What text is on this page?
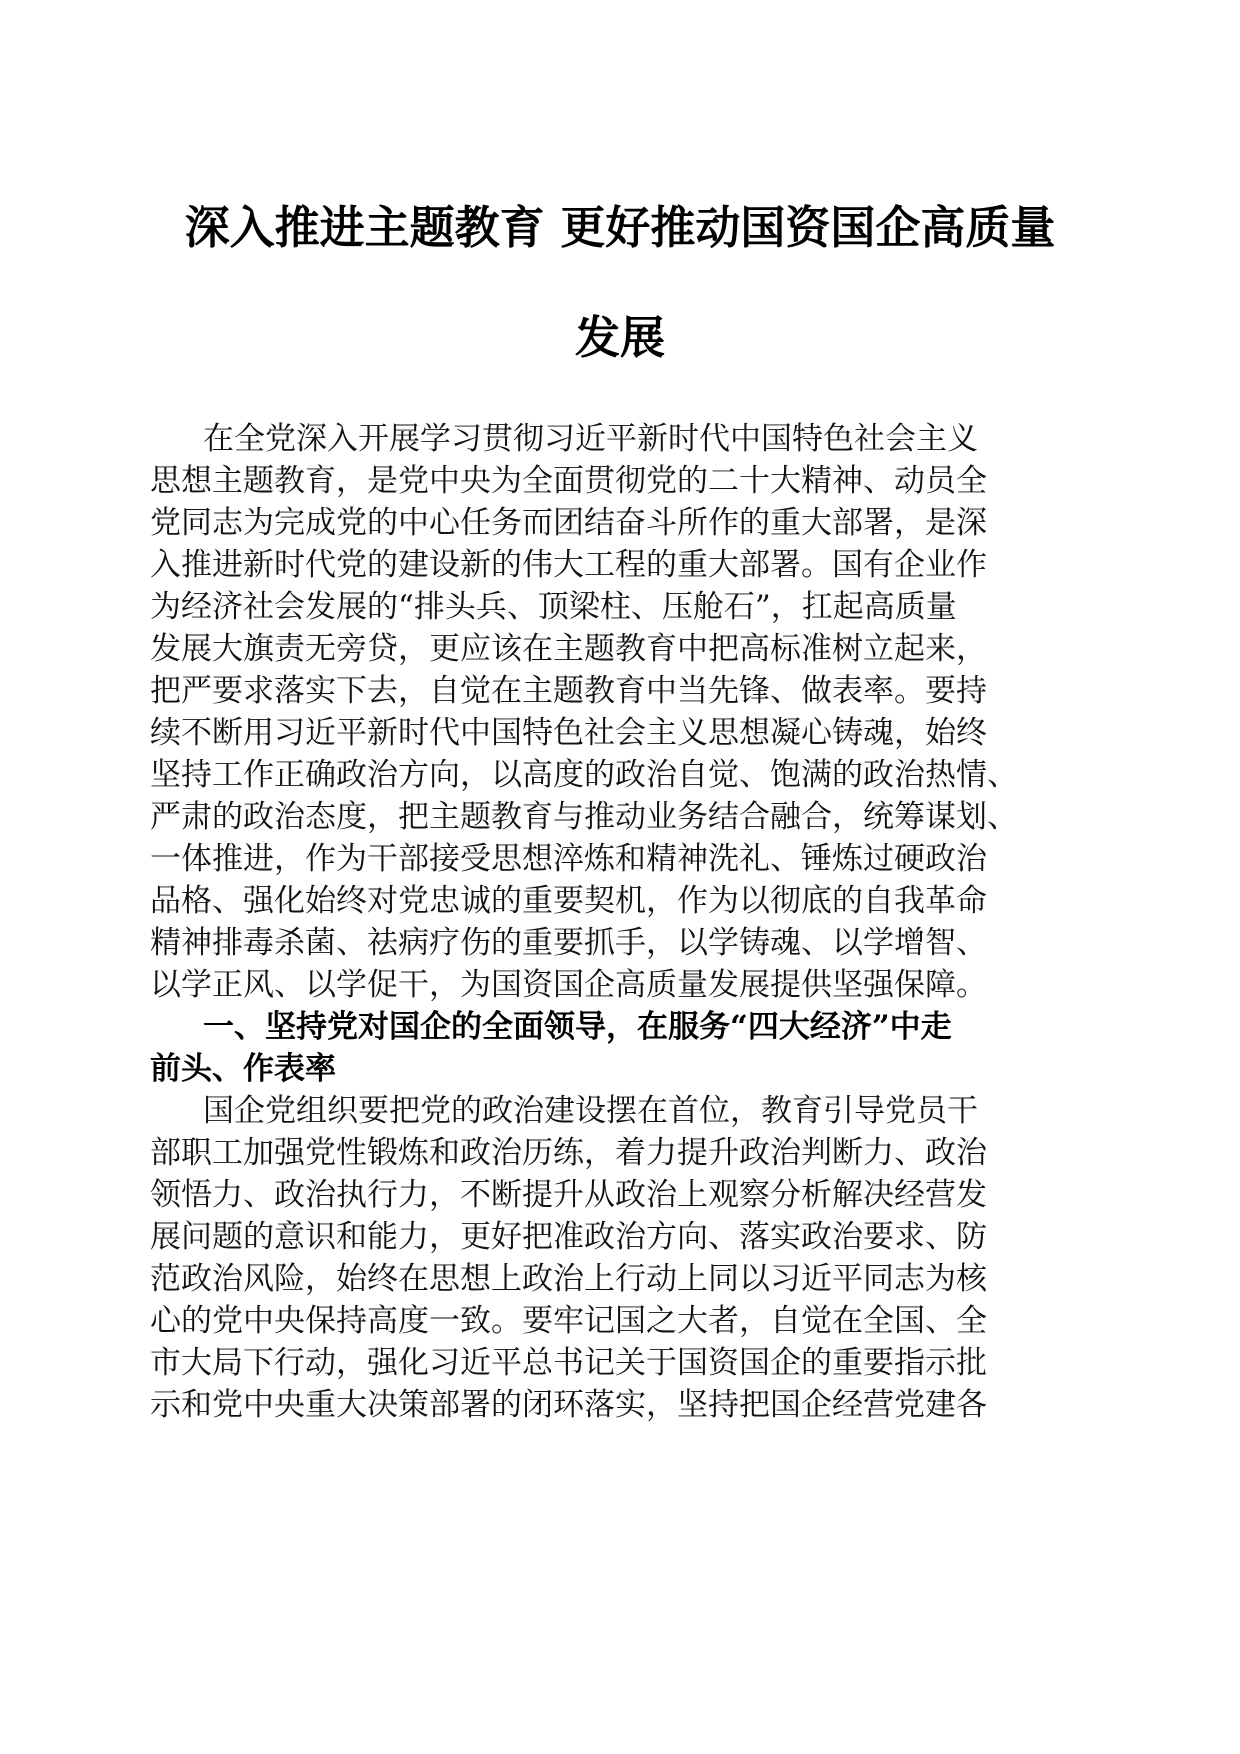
深入推进主题教育 更好推动国资国企高质量
发展

在全党深入开展学习贯彻习近平新时代中国特色社会主义

思想主题教育，是党中央为全面贯彻党的二十大精神、动员全

党同志为完成党的中心任务而团结奋斗所作的重大部署，是深

入推进新时代党的建设新的伟大工程的重大部署。国有企业作

为经济社会发展的“排头兵、顶梁柱、压舱石”，扛起高质量

发展大旗责无旁贷，更应该在主题教育中把高标准树立起来，

把严要求落实下去，自觉在主题教育中当先锋、做表率。要持

续不断用习近平新时代中国特色社会主义思想凝心铸魂，始终

坚持工作正确政治方向，以高度的政治自觉、饱满的政治热情、

严肃的政治态度，把主题教育与推动业务结合融合，统筹谋划、

一体推进，作为干部接受思想淬炼和精神洗礼、锤炼过硬政治

品格、强化始终对党忠诚的重要契机，作为以彻底的自我革命

精神排毒杀菌、祛病疗伤的重要抓手，以学铸魂、以学增智、

以学正风、以学促干，为国资国企高质量发展提供坚强保障。

一、坚持党对国企的全面领导，在服务“四大经济”中走

前头、作表率

国企党组织要把党的政治建设摆在首位，教育引导党员干

部职工加强党性锻炼和政治历练，着力提升政治判断力、政治

领悟力、政治执行力，不断提升从政治上观察分析解决经营发

展问题的意识和能力，更好把准政治方向、落实政治要求、防

范政治风险，始终在思想上政治上行动上同以习近平同志为核

心的党中央保持高度一致。要牢记国之大者，自觉在全国、全

市大局下行动，强化习近平总书记关于国资国企的重要指示批

示和党中央重大决策部署的闭环落实，坚持把国企经营党建各
